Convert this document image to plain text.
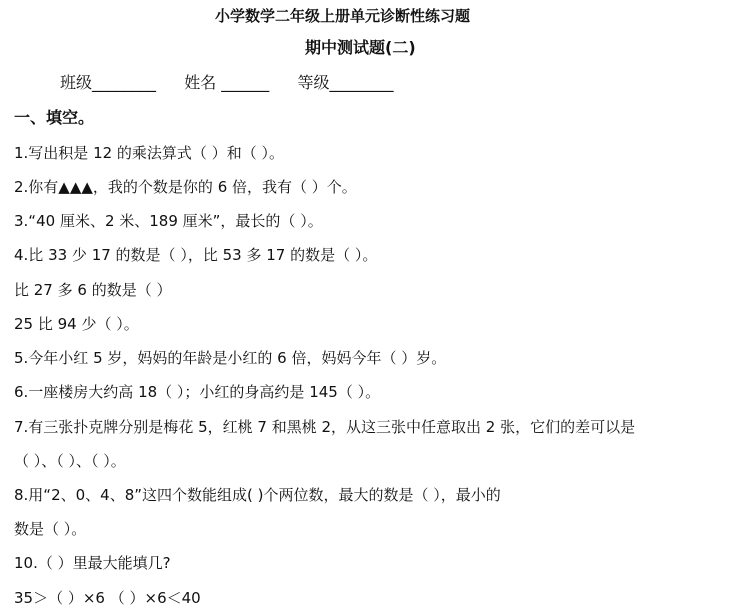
小学数学二年级上册单元诊断性练习题
期中测试题(二)
班级________ 姓名 ______ 等级________
一、填空。
1.写出积是 12 的乘法算式（ ）和（ ）。
2.你有▲▲▲，我的个数是你的 6 倍，我有（ ）个。
3.“40 厘米、2 米、189 厘米”，最长的（ ）。
4.比 33 少 17 的数是（ ），比 53 多 17 的数是（ ）。
比 27 多 6 的数是（ ）
25 比 94 少（ ）。
5.今年小红 5 岁，妈妈的年龄是小红的 6 倍，妈妈今年（ ）岁。
6.一座楼房大约高 18（ ）；小红的身高约是 145（ ）。
7.有三张扑克牌分别是梅花 5，红桃 7 和黑桃 2，从这三张中任意取出 2 张，它们的差可以是
（ ）、（ ）、（ ）。
8.用“2、0、4、8”这四个数能组成( )个两位数，最大的数是（ ），最小的
数是（ ）。
10.（ ）里最大能填几?
35＞（ ）×6 （ ）×6＜40
